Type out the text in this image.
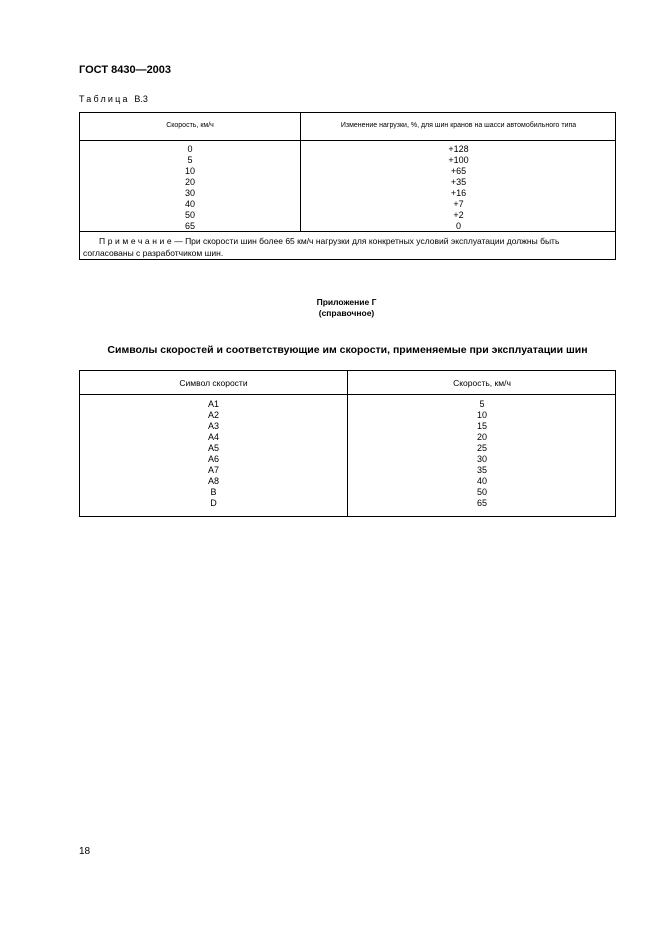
ГОСТ 8430—2003
Таблица В.3
Скорость, км/ч	Изменение нагрузки, %, для шин кранов на шасси автомобильного типа
0
5
10
20
30
40
50
65
+128
+100
+65
+35
+16
+7
+2
0
Примечание— При скорости шин более 65 км/ч нагрузки для конкретных условий эксплуатации должны быть согласованы с разработчиком шин.
Приложение Г
(справочное)
Символы скоростей и соответствующие им скорости, применяемые при эксплуатации шин
Символ скорости	Скорость, км/ч
A1
A2
A3
A4
A5
A6
A7
A8
B
D
5
10
15
20
25
30
35
40
50
65
18
